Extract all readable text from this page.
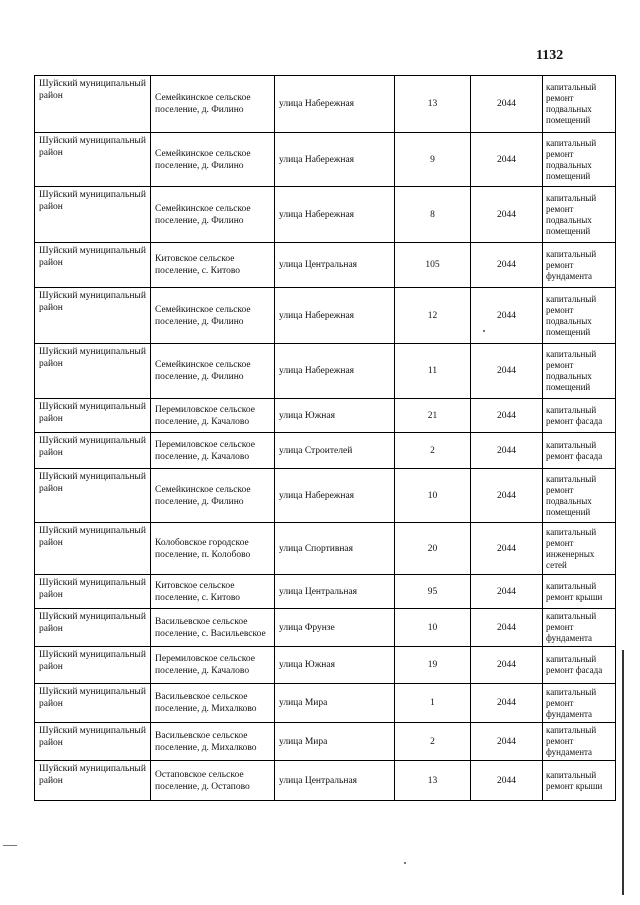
1132
Шуйский муниципальный район	Семейкинское сельское поселение, д. Филино	улица Набережная	13	2044	капитальный ремонт подвальных помещений
Шуйский муниципальный район	Семейкинское сельское поселение, д. Филино	улица Набережная	9	2044	капитальный ремонт подвальных помещений
Шуйский муниципальный район	Семейкинское сельское поселение, д. Филино	улица Набережная	8	2044	капитальный ремонт подвальных помещений
Шуйский муниципальный район	Китовское сельское поселение, с. Китово	улица Центральная	105	2044	капитальный ремонт фундамента
Шуйский муниципальный район	Семейкинское сельское поселение, д. Филино	улица Набережная	12	2044	капитальный ремонт подвальных помещений
Шуйский муниципальный район	Семейкинское сельское поселение, д. Филино	улица Набережная	11	2044	капитальный ремонт подвальных помещений
Шуйский муниципальный район	Перемиловское сельское поселение, д. Качалово	улица Южная	21	2044	капитальный ремонт фасада
Шуйский муниципальный район	Перемиловское сельское поселение, д. Качалово	улица Строителей	2	2044	капитальный ремонт фасада
Шуйский муниципальный район	Семейкинское сельское поселение, д. Филино	улица Набережная	10	2044	капитальный ремонт подвальных помещений
Шуйский муниципальный район	Колобовское городское поселение, п. Колобово	улица Спортивная	20	2044	капитальный ремонт инженерных сетей
Шуйский муниципальный район	Китовское сельское поселение, с. Китово	улица Центральная	95	2044	капитальный ремонт крыши
Шуйский муниципальный район	Васильевское сельское поселение, с. Васильевское	улица Фрунзе	10	2044	капитальный ремонт фундамента
Шуйский муниципальный район	Перемиловское сельское поселение, д. Качалово	улица Южная	19	2044	капитальный ремонт фасада
Шуйский муниципальный район	Васильевское сельское поселение, д. Михалково	улица Мира	1	2044	капитальный ремонт фундамента
Шуйский муниципальный район	Васильевское сельское поселение, д. Михалково	улица Мира	2	2044	капитальный ремонт фундамента
Шуйский муниципальный район	Остаповское сельское поселение, д. Остапово	улица Центральная	13	2044	капитальный ремонт крыши
